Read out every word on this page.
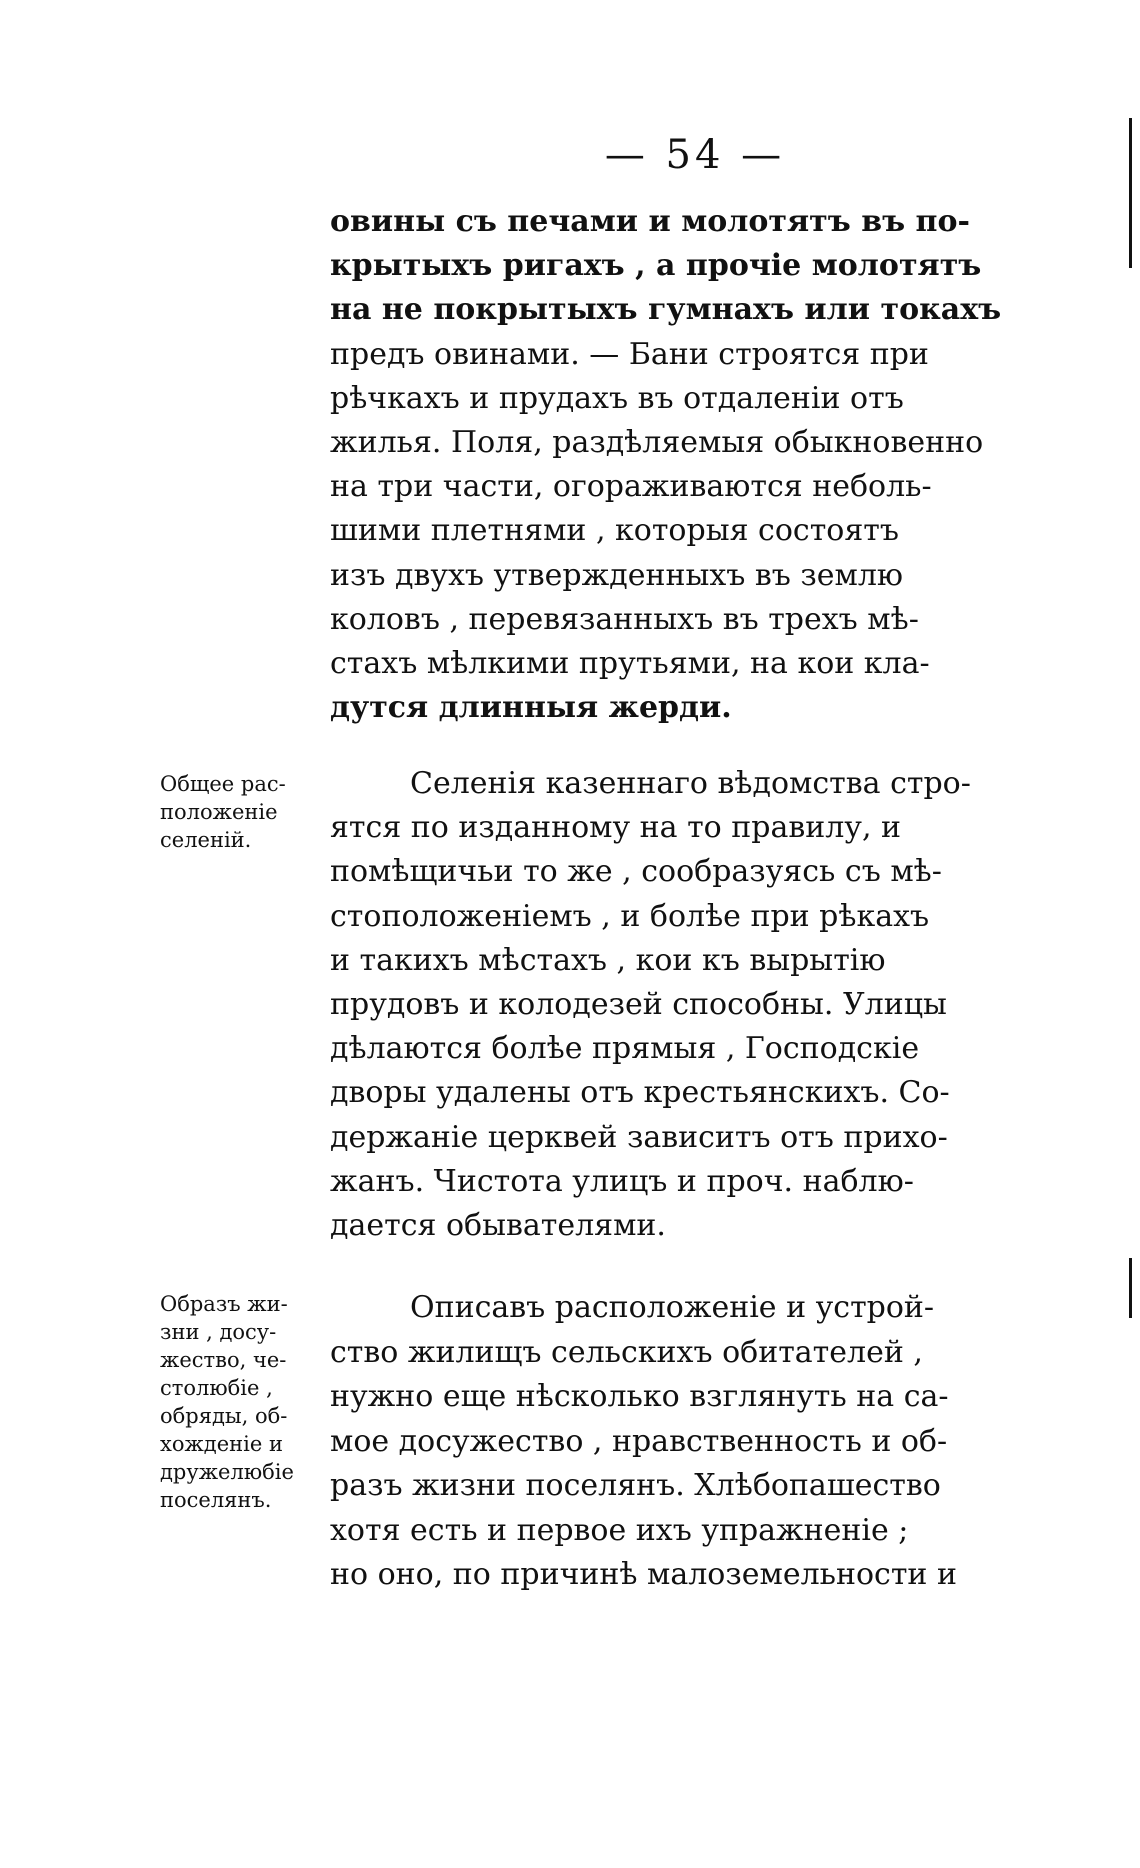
— 54 —
овины съ печами и молотятъ въ по-
крытыхъ ригахъ , а прочіе молотятъ
на не покрытыхъ гумнахъ или токахъ
предъ овинами. — Бани строятся при
рѣчкахъ и прудахъ въ отдаленіи отъ
жилья. Поля, раздѣляемыя обыкновенно
на три части, огораживаются неболь-
шими плетнями , которыя состоятъ
изъ двухъ утвержденныхъ въ землю
коловъ , перевязанныхъ въ трехъ мѣ-
стахъ мѣлкими прутьями, на кои кла-
дутся длинныя жерди.
Общее рас-
положеніе
селеній.
Селенія казеннаго вѣдомства стро-
ятся по изданному на то правилу, и
помѣщичьи то же , сообразуясь съ мѣ-
стоположеніемъ , и болѣе при рѣкахъ
и такихъ мѣстахъ , кои къ вырытію
прудовъ и колодезей способны. Улицы
дѣлаются болѣе прямыя , Господскіе
дворы удалены отъ крестьянскихъ. Со-
держаніе церквей зависитъ отъ прихо-
жанъ. Чистота улицъ и проч. наблю-
дается обывателями.
Образъ жи-
зни , досу-
жество, че-
столюбіе ,
обряды, об-
хожденіе и
дружелюбіе
поселянъ.
Описавъ расположеніе и устрой-
ство жилищъ сельскихъ обитателей ,
нужно еще нѣсколько взглянуть на са-
мое досужество , нравственность и об-
разъ жизни поселянъ. Хлѣбопашество
хотя есть и первое ихъ упражненіе ;
но оно, по причинѣ малоземельности и
